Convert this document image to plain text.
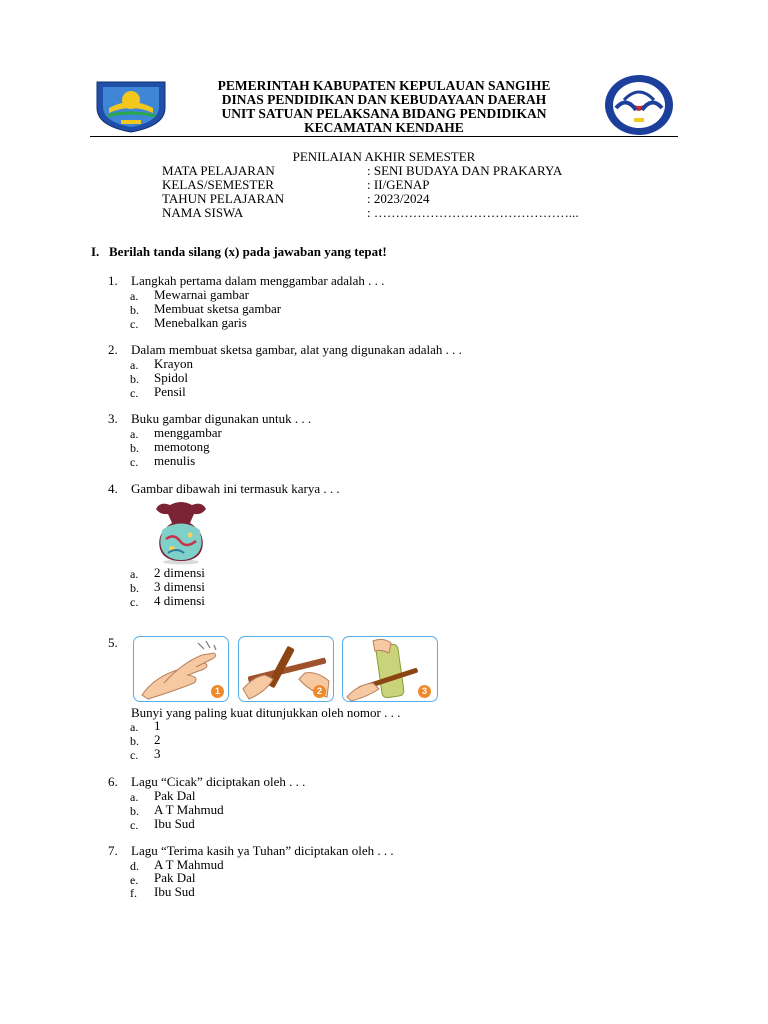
PEMERINTAH KABUPATEN KEPULAUAN SANGIHE
DINAS PENDIDIKAN DAN KEBUDAYAAN DAERAH
UNIT SATUAN PELAKSANA BIDANG PENDIDIKAN
KECAMATAN KENDAHE
PENILAIAN AKHIR SEMESTER
MATA PELAJARAN	: SENI BUDAYA DAN PRAKARYA
KELAS/SEMESTER	: II/GENAP
TAHUN PELAJARAN	: 2023/2024
NAMA SISWA	: ………………………………………...
I. Berilah tanda silang (x) pada jawaban yang tepat!
1. Langkah pertama dalam menggambar adalah . . .
a. Mewarnai gambar
b. Membuat sketsa gambar
c. Menebalkan garis
2. Dalam membuat sketsa gambar, alat yang digunakan adalah . . .
a. Krayon
b. Spidol
c. Pensil
3. Buku gambar digunakan untuk . . .
a. menggambar
b. memotong
c. menulis
4. Gambar dibawah ini termasuk karya . . .
a. 2 dimensi
b. 3 dimensi
c. 4 dimensi
5.
1	2	3
Bunyi yang paling kuat ditunjukkan oleh nomor . . .
a. 1
b. 2
c. 3
6. Lagu “Cicak” diciptakan oleh . . .
a. Pak Dal
b. A T Mahmud
c. Ibu Sud
7. Lagu “Terima kasih ya Tuhan” diciptakan oleh . . .
d. A T Mahmud
e. Pak Dal
f. Ibu Sud
